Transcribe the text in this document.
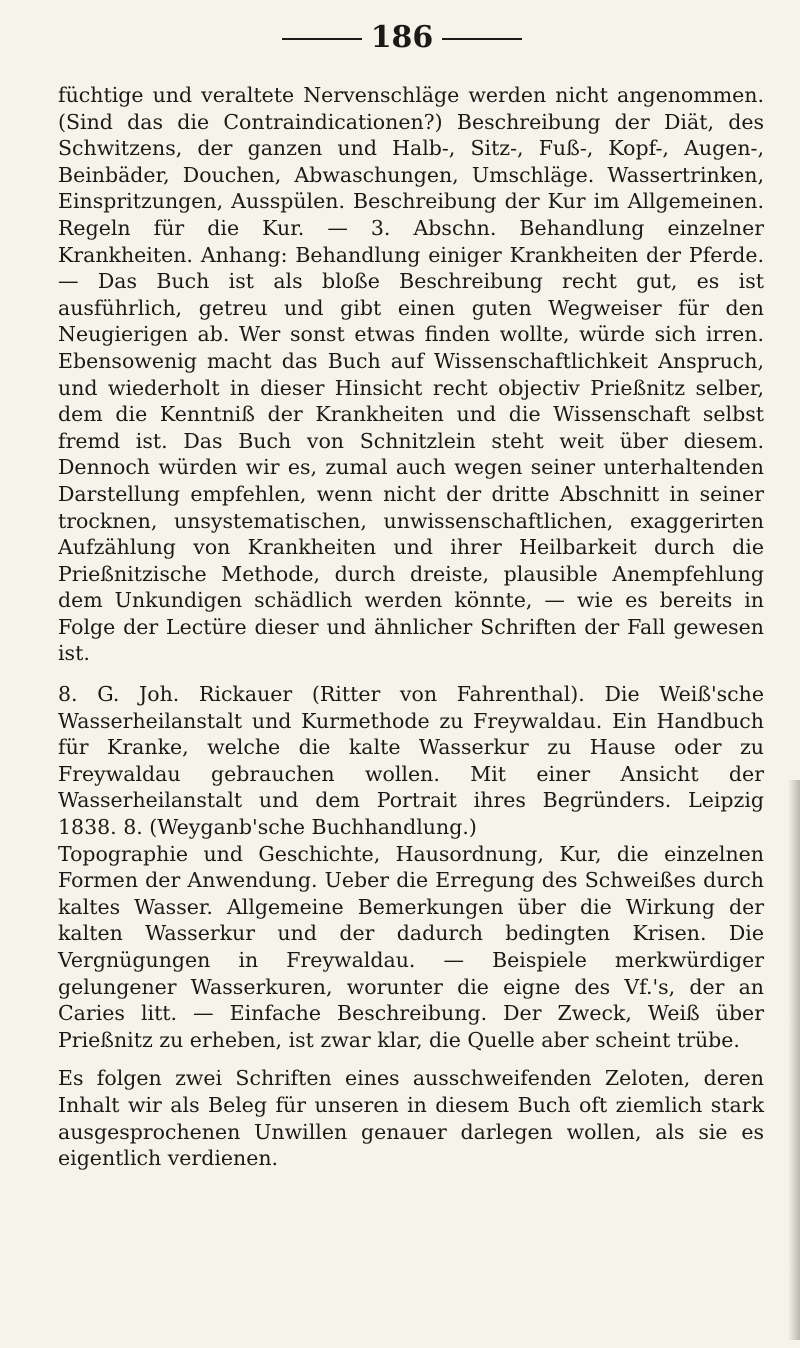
186

füchtige und veraltete Nervenschläge werden nicht angenommen. (Sind das die Contraindicationen?) Beschreibung der Diät, des Schwitzens, der ganzen und Halb-, Sitz-, Fuß-, Kopf-, Augen-, Beinbäder, Douchen, Abwaschungen, Umschläge. Wassertrinken, Einspritzungen, Ausspülen. Beschreibung der Kur im Allgemeinen. Regeln für die Kur. — 3. Abschn. Behandlung einzelner Krankheiten. Anhang: Behandlung einiger Krankheiten der Pferde. — Das Buch ist als bloße Beschreibung recht gut, es ist ausführlich, getreu und gibt einen guten Wegweiser für den Neugierigen ab. Wer sonst etwas finden wollte, würde sich irren. Ebensowenig macht das Buch auf Wissenschaftlichkeit Anspruch, und wiederholt in dieser Hinsicht recht objectiv Prießnitz selber, dem die Kenntniß der Krankheiten und die Wissenschaft selbst fremd ist. Das Buch von Schnitzlein steht weit über diesem. Dennoch würden wir es, zumal auch wegen seiner unterhaltenden Darstellung empfehlen, wenn nicht der dritte Abschnitt in seiner trocknen, unsystematischen, unwissenschaftlichen, exaggerirten Aufzählung von Krankheiten und ihrer Heilbarkeit durch die Prießnitzische Methode, durch dreiste, plausible Anempfehlung dem Unkundigen schädlich werden könnte, — wie es bereits in Folge der Lectüre dieser und ähnlicher Schriften der Fall gewesen ist.

8. G. Joh. Rickauer (Ritter von Fahrenthal). Die Weiß'sche Wasserheilanstalt und Kurmethode zu Freywaldau. Ein Handbuch für Kranke, welche die kalte Wasserkur zu Hause oder zu Freywaldau gebrauchen wollen. Mit einer Ansicht der Wasserheilanstalt und dem Portrait ihres Begründers. Leipzig 1838. 8. (Weyganb'sche Buchhandlung.)

Topographie und Geschichte, Hausordnung, Kur, die einzelnen Formen der Anwendung. Ueber die Erregung des Schweißes durch kaltes Wasser. Allgemeine Bemerkungen über die Wirkung der kalten Wasserkur und der dadurch bedingten Krisen. Die Vergnügungen in Freywaldau. — Beispiele merkwürdiger gelungener Wasserkuren, worunter die eigne des Vf.'s, der an Caries litt. — Einfache Beschreibung. Der Zweck, Weiß über Prießnitz zu erheben, ist zwar klar, die Quelle aber scheint trübe.

Es folgen zwei Schriften eines ausschweifenden Zeloten, deren Inhalt wir als Beleg für unseren in diesem Buch oft ziemlich stark ausgesprochenen Unwillen genauer darlegen wollen, als sie es eigentlich verdienen.
